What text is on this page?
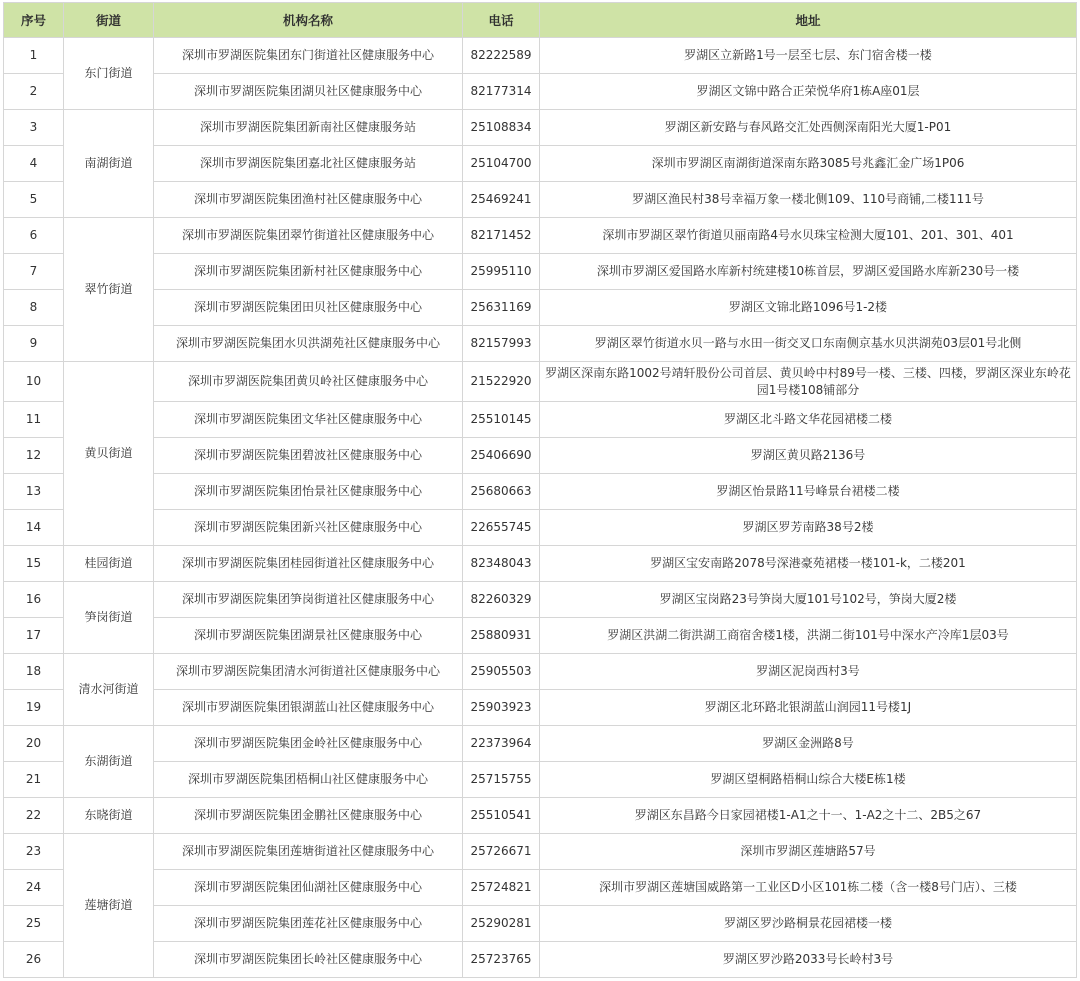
序号	街道	机构名称	电话	地址
1	东门街道	深圳市罗湖医院集团东门街道社区健康服务中心	82222589	罗湖区立新路1号一层至七层、东门宿舍楼一楼
2		深圳市罗湖医院集团湖贝社区健康服务中心	82177314	罗湖区文锦中路合正荣悦华府1栋A座01层
3	南湖街道	深圳市罗湖医院集团新南社区健康服务站	25108834	罗湖区新安路与春风路交汇处西侧深南阳光大厦1-P01
4		深圳市罗湖医院集团嘉北社区健康服务站	25104700	深圳市罗湖区南湖街道深南东路3085号兆鑫汇金广场1P06
5		深圳市罗湖医院集团渔村社区健康服务中心	25469241	罗湖区渔民村38号幸福万象一楼北侧109、110号商铺,二楼111号
6	翠竹街道	深圳市罗湖医院集团翠竹街道社区健康服务中心	82171452	深圳市罗湖区翠竹街道贝丽南路4号水贝珠宝检测大厦101、201、301、401
7		深圳市罗湖医院集团新村社区健康服务中心	25995110	深圳市罗湖区爱国路水库新村统建楼10栋首层，罗湖区爱国路水库新230号一楼
8		深圳市罗湖医院集团田贝社区健康服务中心	25631169	罗湖区文锦北路1096号1-2楼
9		深圳市罗湖医院集团水贝洪湖苑社区健康服务中心	82157993	罗湖区翠竹街道水贝一路与水田一街交叉口东南侧京基水贝洪湖苑03层01号北侧
10	黄贝街道	深圳市罗湖医院集团黄贝岭社区健康服务中心	21522920	罗湖区深南东路1002号靖轩股份公司首层、黄贝岭中村89号一楼、三楼、四楼，罗湖区深业东岭花园1号楼108铺部分
11		深圳市罗湖医院集团文华社区健康服务中心	25510145	罗湖区北斗路文华花园裙楼二楼
12		深圳市罗湖医院集团碧波社区健康服务中心	25406690	罗湖区黄贝路2136号
13		深圳市罗湖医院集团怡景社区健康服务中心	25680663	罗湖区怡景路11号峰景台裙楼二楼
14		深圳市罗湖医院集团新兴社区健康服务中心	22655745	罗湖区罗芳南路38号2楼
15	桂园街道	深圳市罗湖医院集团桂园街道社区健康服务中心	82348043	罗湖区宝安南路2078号深港豪苑裙楼一楼101-k，二楼201
16	笋岗街道	深圳市罗湖医院集团笋岗街道社区健康服务中心	82260329	罗湖区宝岗路23号笋岗大厦101号102号，笋岗大厦2楼
17		深圳市罗湖医院集团湖景社区健康服务中心	25880931	罗湖区洪湖二街洪湖工商宿舍楼1楼，洪湖二街101号中深水产冷库1层03号
18	清水河街道	深圳市罗湖医院集团清水河街道社区健康服务中心	25905503	罗湖区泥岗西村3号
19		深圳市罗湖医院集团银湖蓝山社区健康服务中心	25903923	罗湖区北环路北银湖蓝山润园11号楼1J
20	东湖街道	深圳市罗湖医院集团金岭社区健康服务中心	22373964	罗湖区金洲路8号
21		深圳市罗湖医院集团梧桐山社区健康服务中心	25715755	罗湖区望桐路梧桐山综合大楼E栋1楼
22	东晓街道	深圳市罗湖医院集团金鹏社区健康服务中心	25510541	罗湖区东昌路今日家园裙楼1-A1之十一、1-A2之十二、2B5之67
23	莲塘街道	深圳市罗湖医院集团莲塘街道社区健康服务中心	25726671	深圳市罗湖区莲塘路57号
24		深圳市罗湖医院集团仙湖社区健康服务中心	25724821	深圳市罗湖区莲塘国威路第一工业区D小区101栋二楼（含一楼8号门店）、三楼
25		深圳市罗湖医院集团莲花社区健康服务中心	25290281	罗湖区罗沙路桐景花园裙楼一楼
26		深圳市罗湖医院集团长岭社区健康服务中心	25723765	罗湖区罗沙路2033号长岭村3号
